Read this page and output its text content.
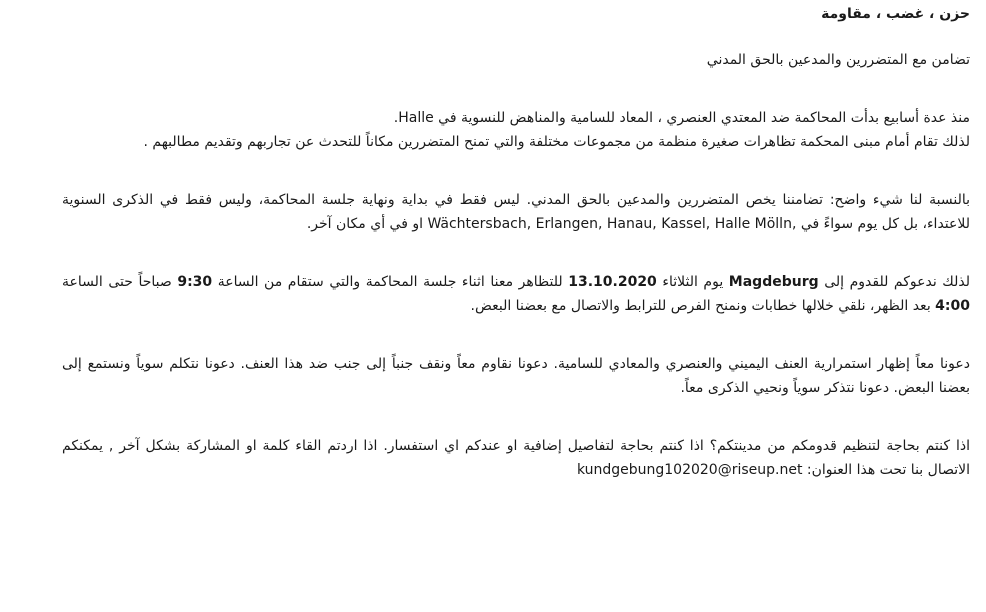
حزن ، غضب ، مقاومة

تضامن مع المتضررين والمدعين بالحق المدني

منذ عدة أسابيع بدأت المحاكمة ضد المعتدي العنصري ، المعاد للسامية والمناهض للنسوية في Halle.
لذلك تقام أمام مبنى المحكمة تظاهرات صغيرة منظمة من مجموعات مختلفة والتي تمنح المتضررين مكاناً للتحدث عن تجاربهم وتقديم مطالبهم .

بالنسبة لنا شيء واضح: تضامننا يخص المتضررين والمدعين بالحق المدني. ليس فقط في بداية ونهاية جلسة المحاكمة، وليس فقط في الذكرى السنوية للاعتداء، بل كل يوم سواءً في Wächtersbach, Erlangen, Hanau, Kassel, Halle Mölln, او في أي مكان آخر.

لذلك ندعوكم للقدوم إلى Magdeburg يوم الثلاثاء 13.10.2020 للتظاهر معنا اثناء جلسة المحاكمة والتي ستقام من الساعة 9:30 صباحاً حتى الساعة 4:00 بعد الظهر، نلقي خلالها خطابات ونمنح الفرص للترابط والاتصال مع بعضنا البعض.

دعونا معاً إظهار استمرارية العنف اليميني والعنصري والمعادي للسامية. دعونا نقاوم معاً ونقف جنباً إلى جنب ضد هذا العنف. دعونا نتكلم سوياً ونستمع إلى بعضنا البعض. دعونا نتذكر سوياً ونحيي الذكرى معاً.

اذا كنتم بحاجة لتنظيم قدومكم من مدينتكم؟ اذا كنتم بحاجة لتفاصيل إضافية او عندكم اي استفسار. اذا اردتم القاء كلمة او المشاركة بشكل آخر , يمكنكم الاتصال بنا تحت هذا العنوان: kundgebung102020@riseup.net
